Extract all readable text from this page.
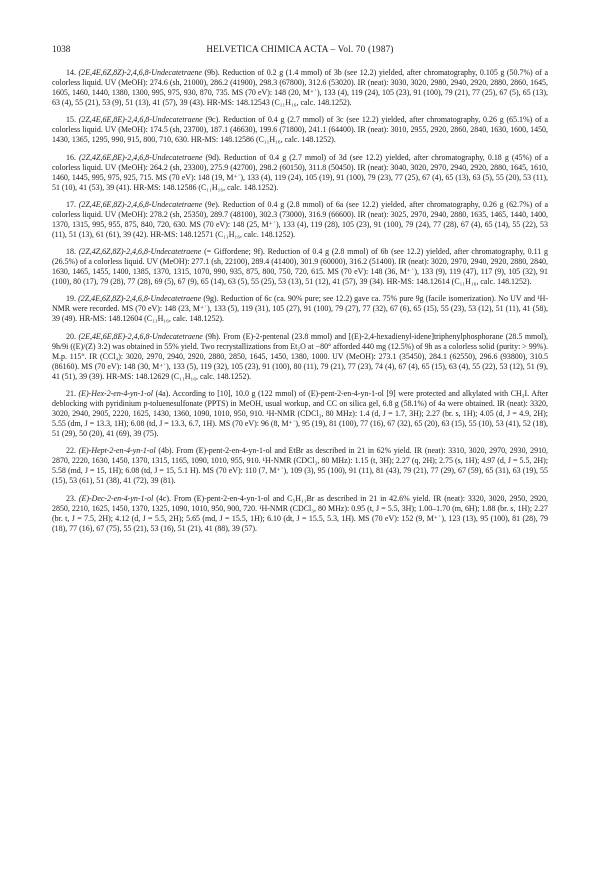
1038	HELVETICA CHIMICA ACTA – Vol. 70 (1987)

14. (2E,4E,6Z,8Z)-2,4,6,8-Undecatetraene (9b). Reduction of 0.2 g (1.4 mmol) of 3b (see 12.2) yielded, after chromatography, 0.105 g (50.7%) of a colorless liquid. UV (MeOH): 274.6 (sh, 21000), 286.2 (41900), 298.3 (67800), 312.6 (53020). IR (neat): 3030, 3020, 2980, 2940, 2920, 2880, 2860, 1645, 1605, 1460, 1440, 1380, 1300, 995, 975, 930, 870, 735. MS (70 eV): 148 (20, M⁺˙), 133 (4), 119 (24), 105 (23), 91 (100), 79 (21), 77 (25), 67 (5), 65 (13), 63 (4), 55 (21), 53 (9), 51 (13), 41 (57), 39 (43). HR-MS: 148.12543 (C₁₁H₁₆, calc. 148.1252).

15. (2Z,4E,6E,8E)-2,4,6,8-Undecatetraene (9c). Reduction of 0.4 g (2.7 mmol) of 3c (see 12.2) yielded, after chromatography, 0.26 g (65.1%) of a colorless liquid. UV (MeOH): 174.5 (sh, 23700), 187.1 (46630), 199.6 (71800), 241.1 (64400). IR (neat): 3010, 2955, 2920, 2860, 2840, 1630, 1600, 1450, 1430, 1365, 1295, 990, 915, 800, 710, 630. HR-MS: 148.12586 (C₁₁H₁₆, calc. 148.1252).

16. (2Z,4Z,6E,8E)-2,4,6,8-Undecatetraene (9d). Reduction of 0.4 g (2.7 mmol) of 3d (see 12.2) yielded, after chromatography, 0.18 g (45%) of a colorless liquid. UV (MeOH): 264.2 (sh, 23300), 275.9 (42700), 298.2 (60150), 311.8 (50450). IR (neat): 3040, 3020, 2970, 2940, 2920, 2880, 1645, 1610, 1460, 1445, 995, 975, 925, 715. MS (70 eV): 148 (19, M⁺˙), 133 (4), 119 (24), 105 (19), 91 (100), 79 (23), 77 (25), 67 (4), 65 (13), 63 (5), 55 (20), 53 (11), 51 (10), 41 (53), 39 (41). HR-MS: 148.12586 (C₁₁H₁₆, calc. 148.1252).

17. (2Z,4E,6E,8Z)-2,4,6,8-Undecatetraene (9e). Reduction of 0.4 g (2.8 mmol) of 6a (see 12.2) yielded, after chromatography, 0.26 g (62.7%) of a colorless liquid. UV (MeOH): 278.2 (sh, 25350), 289.7 (48100), 302.3 (73000), 316.9 (66600). IR (neat): 3025, 2970, 2940, 2880, 1635, 1465, 1440, 1400, 1370, 1315, 995, 955, 875, 840, 720, 630. MS (70 eV): 148 (25, M⁺˙), 133 (4), 119 (28), 105 (23), 91 (100), 79 (24), 77 (28), 67 (4), 65 (14), 55 (22), 53 (11), 51 (13), 61 (61), 39 (42). HR-MS: 148.12571 (C₁₁H₁₆, calc. 148.1252).

18. (2Z,4Z,6Z,8Z)-2,4,6,8-Undecatetraene (= Giffordene; 9f). Reduction of 0.4 g (2.8 mmol) of 6b (see 12.2) yielded, after chromatography, 0.11 g (26.5%) of a colorless liquid. UV (MeOH): 277.1 (sh, 22100), 289.4 (41400), 301.9 (60000), 316.2 (51400). IR (neat): 3020, 2970, 2940, 2920, 2880, 2840, 1630, 1465, 1455, 1400, 1385, 1370, 1315, 1070, 990, 935, 875, 800, 750, 720, 615. MS (70 eV): 148 (36, M⁺˙), 133 (9), 119 (47), 117 (9), 105 (32), 91 (100), 80 (17), 79 (28), 77 (28), 69 (5), 67 (9), 65 (14), 63 (5), 55 (25), 53 (13), 51 (12), 41 (57), 39 (34). HR-MS: 148.12614 (C₁₁H₁₆, calc. 148.1252).

19. (2Z,4E,6Z,8Z)-2,4,6,8-Undecatetraene (9g). Reduction of 6c (ca. 90% pure; see 12.2) gave ca. 75% pure 9g (facile isomerization). No UV and ¹H-NMR were recorded. MS (70 eV): 148 (23, M⁺˙), 133 (5), 119 (31), 105 (27), 91 (100), 79 (27), 77 (32), 67 (6), 65 (15), 55 (23), 53 (12), 51 (11), 41 (58), 39 (49). HR-MS: 148.12604 (C₁₁H₁₆, calc. 148.1252).

20. (2E,4E,6E,8E)-2,4,6,8-Undecatetraene (9h). From (E)-2-pentenal (23.8 mmol) and [(E)-2,4-hexadienyl-idene]triphenylphosphorane (28.5 mmol), 9h/9i ((E)/(Z) 3:2) was obtained in 55% yield. Two recrystallizations from Et₂O at −80° afforded 440 mg (12.5%) of 9h as a colorless solid (purity: > 99%). M.p. 115°. IR (CCl₄): 3020, 2970, 2940, 2920, 2880, 2850, 1645, 1450, 1380, 1000. UV (MeOH): 273.1 (35450), 284.1 (62550), 296.6 (93800), 310.5 (86160). MS (70 eV): 148 (30, M⁺˙), 133 (5), 119 (32), 105 (23), 91 (100), 80 (11), 79 (21), 77 (23), 74 (4), 67 (4), 65 (15), 63 (4), 55 (22), 53 (12), 51 (9), 41 (51), 39 (39). HR-MS: 148.12629 (C₁₁H₁₆, calc. 148.1252).

21. (E)-Hex-2-en-4-yn-1-ol (4a). According to [10], 10.0 g (122 mmol) of (E)-pent-2-en-4-yn-1-ol [9] were protected and alkylated with CH₃I. After deblocking with pyridinium p-toluenesulfonate (PPTS) in MeOH, usual workup, and CC on silica gel, 6.8 g (58.1%) of 4a were obtained. IR (neat): 3320, 3020, 2940, 2905, 2220, 1625, 1430, 1360, 1090, 1010, 950, 910. ¹H-NMR (CDCl₃, 80 MHz): 1.4 (d, J = 1.7, 3H); 2.27 (br. s, 1H); 4.05 (d, J = 4.9, 2H); 5.55 (dm, J = 13.3, 1H); 6.08 (td, J = 13.3, 6.7, 1H). MS (70 eV): 96 (8, M⁺˙), 95 (19), 81 (100), 77 (16), 67 (32), 65 (20), 63 (15), 55 (10), 53 (41), 52 (18), 51 (29), 50 (20), 41 (69), 39 (75).

22. (E)-Hept-2-en-4-yn-1-ol (4b). From (E)-pent-2-en-4-yn-1-ol and EtBr as described in 21 in 62% yield. IR (neat): 3310, 3020, 2970, 2930, 2910, 2870, 2220, 1630, 1450, 1370, 1315, 1165, 1090, 1010, 955, 910. ¹H-NMR (CDCl₃, 80 MHz): 1.15 (t, 3H); 2.27 (q, 2H); 2.75 (s, 1H); 4.97 (d, J = 5.5, 2H); 5.58 (md, J = 15, 1H); 6.08 (td, J = 15, 5.1 H). MS (70 eV): 110 (7, M⁺˙), 109 (3), 95 (100), 91 (11), 81 (43), 79 (21), 77 (29), 67 (59), 65 (31), 63 (19), 55 (15), 53 (61), 51 (38), 41 (72), 39 (81).

23. (E)-Dec-2-en-4-yn-1-ol (4c). From (E)-pent-2-en-4-yn-1-ol and C₅H₁₁Br as described in 21 in 42.6% yield. IR (neat): 3320, 3020, 2950, 2920, 2850, 2210, 1625, 1450, 1370, 1325, 1090, 1010, 950, 900, 720. ¹H-NMR (CDCl₃, 80 MHz): 0.95 (t, J = 5.5, 3H); 1.00–1.70 (m, 6H); 1.88 (br. s, 1H); 2.27 (br. t, J = 7.5, 2H); 4.12 (d, J = 5.5, 2H); 5.65 (md, J = 15.5, 1H); 6.10 (dt, J = 15.5, 5.3, 1H). MS (70 eV): 152 (9, M⁺˙), 123 (13), 95 (100), 81 (28), 79 (18), 77 (16), 67 (75), 55 (21), 53 (16), 51 (21), 41 (88), 39 (57).
